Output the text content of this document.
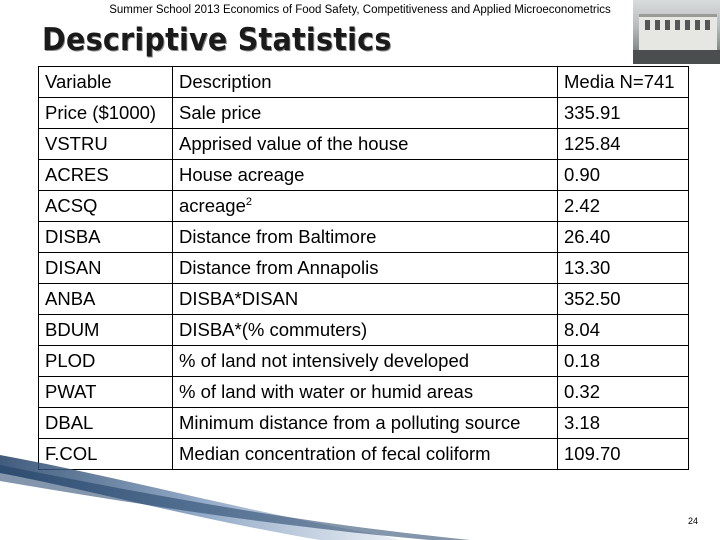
Summer School 2013 Economics of Food Safety, Competitiveness and Applied Microeconometrics
Descriptive Statistics
Variable	Description	Media N=741
Price ($1000)	Sale price	335.91
VSTRU	Apprised value of the house	125.84
ACRES	House acreage	0.90
ACSQ	acreage$^2$	2.42
DISBA	Distance from Baltimore	26.40
DISAN	Distance from Annapolis	13.30
ANBA	DISBA*DISAN	352.50
BDUM	DISBA*(% commuters)	8.04
PLOD	% of land not intensively developed	0.18
PWAT	% of land with water or humid areas	0.32
DBAL	Minimum distance from a polluting source	3.18
F.COL	Median concentration of fecal coliform	109.70
24
